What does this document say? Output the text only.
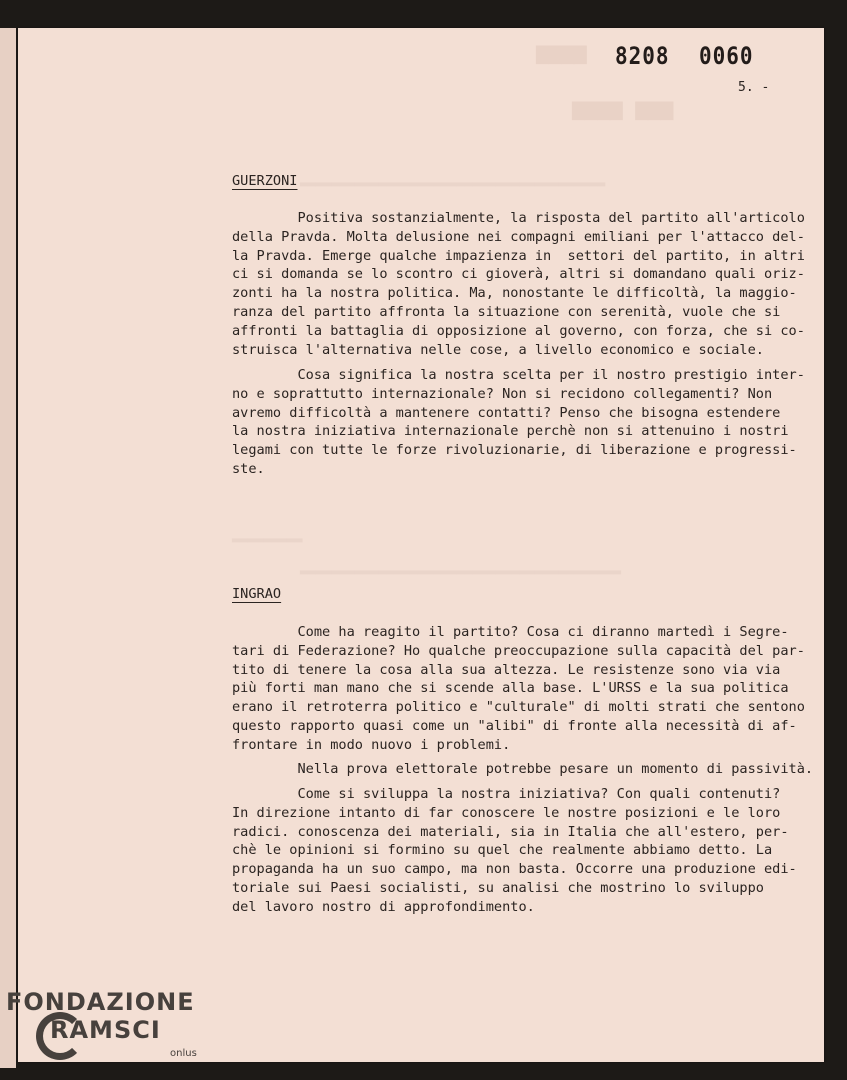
▆▆▆▆
▆▆▆▆ ▆▆▆
▂▂▂▂▂▂▂▂▂▂▂▂▂▂▂▂▂▂▂▂▂▂▂▂▂▂▂▂▂▂▂▂▂▂▂▂▂▂▂
▂▂▂▂▂▂▂▂▂
▂▂▂▂▂▂▂▂▂▂▂▂▂▂▂▂▂▂▂▂▂▂▂▂▂▂▂▂▂▂▂▂▂▂▂▂▂▂▂▂▂
8208 0060
5. -
GUERZONI
Positiva sostanzialmente, la risposta del partito all'articolo
della Pravda. Molta delusione nei compagni emiliani per l'attacco del-
la Pravda. Emerge qualche impazienza in  settori del partito, in altri
ci si domanda se lo scontro ci gioverà, altri si domandano quali oriz-
zonti ha la nostra politica. Ma, nonostante le difficoltà, la maggio-
ranza del partito affronta la situazione con serenità, vuole che si
affronti la battaglia di opposizione al governo, con forza, che si
struisca l'alternativa nelle cose, a livello economico e sociale.
Cosa significa la nostra scelta per il nostro prestigio inter-
no e soprattutto internazionale? Non si recidono collegamenti? Non
avremo difficoltà a mantenere contatti? Penso che bisogna estendere
la nostra iniziativa internazionale perchè non si attenuino i nostri
legami con tutte le forze rivoluzionarie, di liberazione e progressi-
ste.
INGRAO
Come ha reagito il partito? Cosa ci diranno martedì i Segre-
tari di Federazione? Ho qualche preoccupazione sulla capacità del par-
tito di tenere la cosa alla sua altezza. Le resistenze sono via via
più forti man mano che si scende alla base. L'URSS e la sua politica
erano il retroterra politico e "culturale" di molti strati che sentono
questo rapporto quasi come un "alibi" di fronte alla necessità di af-
frontare in modo nuovo i problemi.
Nella prova elettorale potrebbe pesare un momento di passività.
Come si sviluppa la nostra iniziativa? Con quali contenuti?
In direzione intanto di far conoscere le nostre posizioni e le loro
radici. conoscenza dei materiali, sia in Italia che all'estero, per-
chè le opinioni si formino su quel che realmente abbiamo detto. La
propaganda ha un suo campo, ma non basta. Occorre una produzione edi-
toriale sui Paesi socialisti, su analisi che mostrino lo sviluppo
del lavoro nostro di approfondimento.
FONDAZIONE
RAMSCI
onlus
